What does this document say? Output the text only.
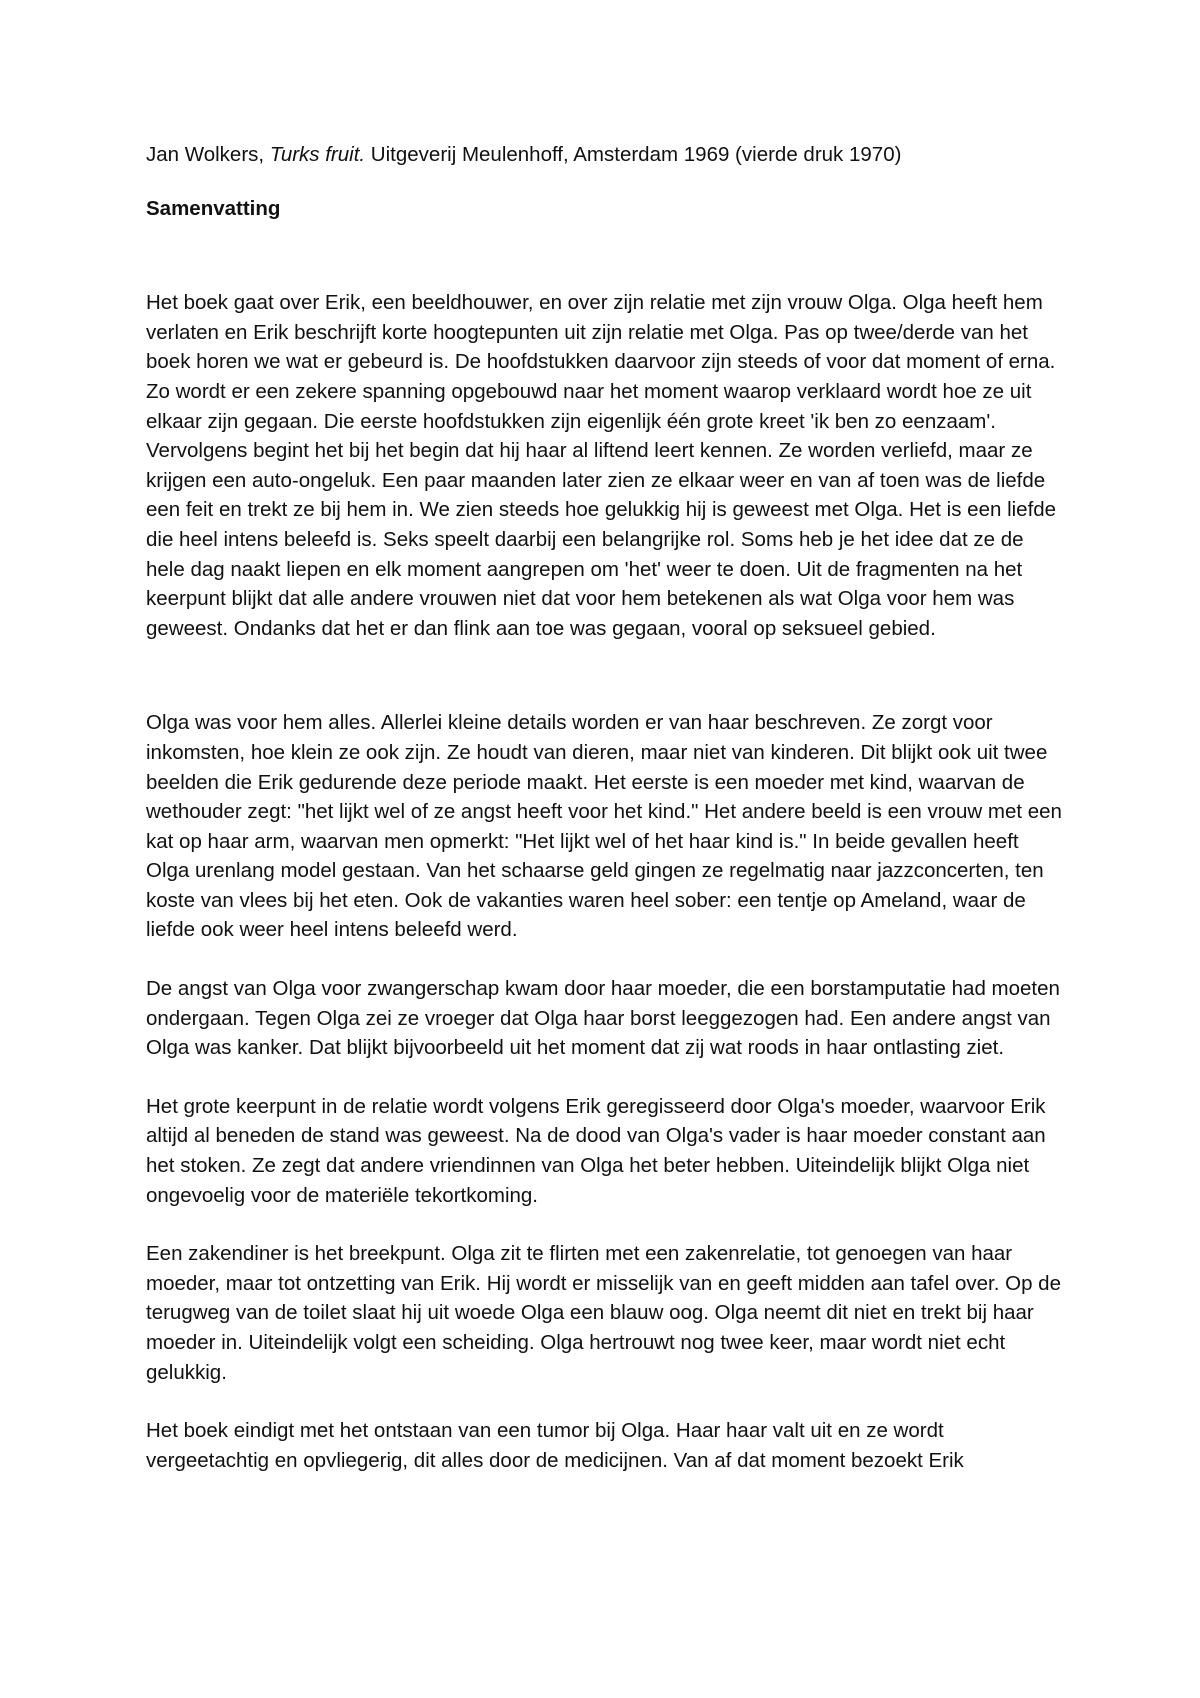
Jan Wolkers, Turks fruit. Uitgeverij Meulenhoff, Amsterdam 1969 (vierde druk 1970)

Samenvatting

Het boek gaat over Erik, een beeldhouwer, en over zijn relatie met zijn vrouw Olga. Olga heeft hem verlaten en Erik beschrijft korte hoogtepunten uit zijn relatie met Olga. Pas op twee/derde van het boek horen we wat er gebeurd is. De hoofdstukken daarvoor zijn steeds of voor dat moment of erna. Zo wordt er een zekere spanning opgebouwd naar het moment waarop verklaard wordt hoe ze uit elkaar zijn gegaan. Die eerste hoofdstukken zijn eigenlijk één grote kreet 'ik ben zo eenzaam'. Vervolgens begint het bij het begin dat hij haar al liftend leert kennen. Ze worden verliefd, maar ze krijgen een auto-ongeluk. Een paar maanden later zien ze elkaar weer en van af toen was de liefde een feit en trekt ze bij hem in. We zien steeds hoe gelukkig hij is geweest met Olga. Het is een liefde die heel intens beleefd is. Seks speelt daarbij een belangrijke rol. Soms heb je het idee dat ze de hele dag naakt liepen en elk moment aangrepen om 'het' weer te doen. Uit de fragmenten na het keerpunt blijkt dat alle andere vrouwen niet dat voor hem betekenen als wat Olga voor hem was geweest. Ondanks dat het er dan flink aan toe was gegaan, vooral op seksueel gebied.

Olga was voor hem alles. Allerlei kleine details worden er van haar beschreven. Ze zorgt voor inkomsten, hoe klein ze ook zijn. Ze houdt van dieren, maar niet van kinderen. Dit blijkt ook uit twee beelden die Erik gedurende deze periode maakt. Het eerste is een moeder met kind, waarvan de wethouder zegt: "het lijkt wel of ze angst heeft voor het kind." Het andere beeld is een vrouw met een kat op haar arm, waarvan men opmerkt: "Het lijkt wel of het haar kind is." In beide gevallen heeft Olga urenlang model gestaan. Van het schaarse geld gingen ze regelmatig naar jazzconcerten, ten koste van vlees bij het eten. Ook de vakanties waren heel sober: een tentje op Ameland, waar de liefde ook weer heel intens beleefd werd.

De angst van Olga voor zwangerschap kwam door haar moeder, die een borstamputatie had moeten ondergaan. Tegen Olga zei ze vroeger dat Olga haar borst leeggezogen had. Een andere angst van Olga was kanker. Dat blijkt bijvoorbeeld uit het moment dat zij wat roods in haar ontlasting ziet.

Het grote keerpunt in de relatie wordt volgens Erik geregisseerd door Olga's moeder, waarvoor Erik altijd al beneden de stand was geweest. Na de dood van Olga's vader is haar moeder constant aan het stoken. Ze zegt dat andere vriendinnen van Olga het beter hebben. Uiteindelijk blijkt Olga niet ongevoelig voor de materiële tekortkoming.

Een zakendiner is het breekpunt. Olga zit te flirten met een zakenrelatie, tot genoegen van haar moeder, maar tot ontzetting van Erik. Hij wordt er misselijk van en geeft midden aan tafel over. Op de terugweg van de toilet slaat hij uit woede Olga een blauw oog. Olga neemt dit niet en trekt bij haar moeder in. Uiteindelijk volgt een scheiding. Olga hertrouwt nog twee keer, maar wordt niet echt gelukkig.

Het boek eindigt met het ontstaan van een tumor bij Olga. Haar haar valt uit en ze wordt vergeetachtig en opvliegerig, dit alles door de medicijnen. Van af dat moment bezoekt Erik
